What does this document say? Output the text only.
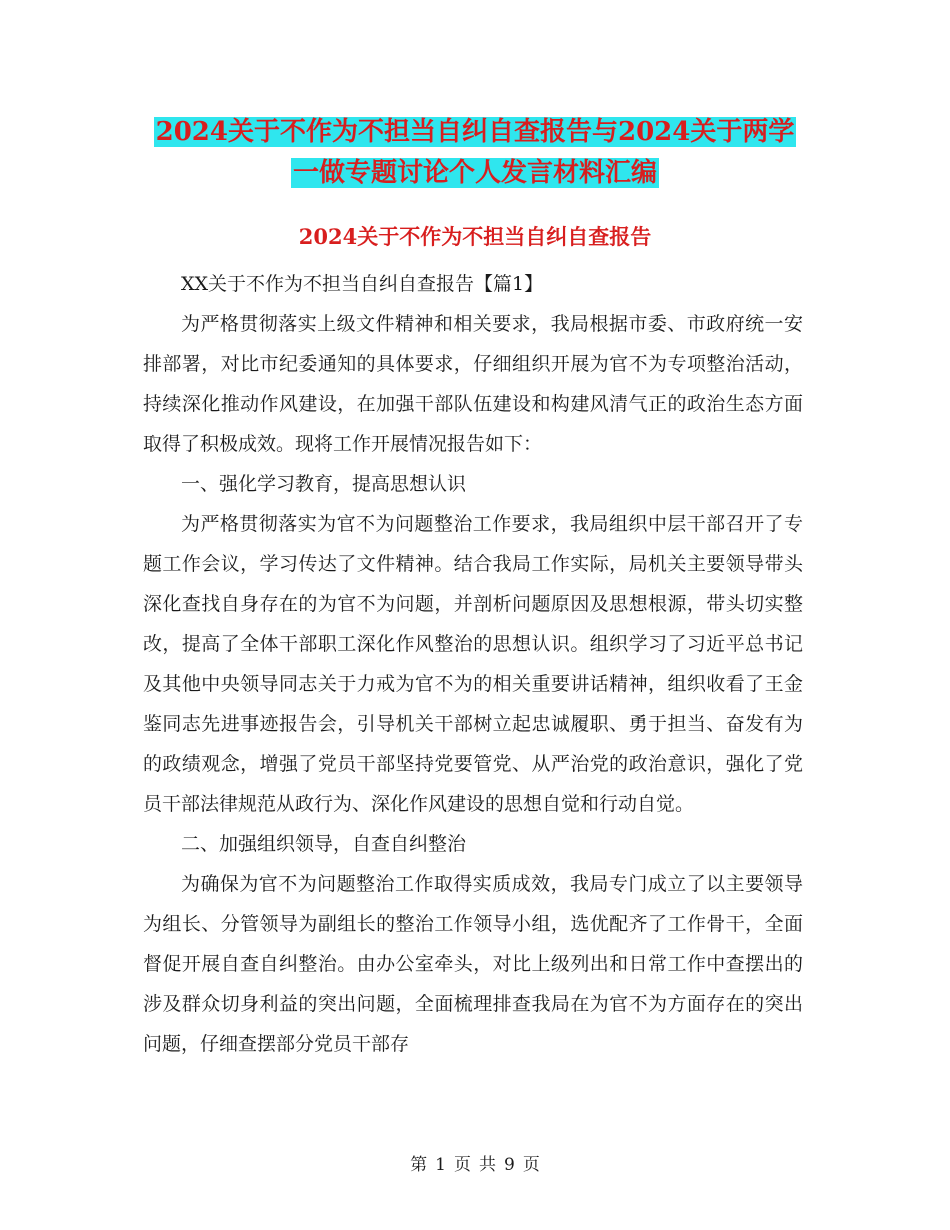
2024关于不作为不担当自纠自查报告与2024关于两学
一做专题讨论个人发言材料汇编
2024关于不作为不担当自纠自查报告

XX关于不作为不担当自纠自查报告【篇1】

为严格贯彻落实上级文件精神和相关要求，我局根据市委、市政府统一安排部署，对比市纪委通知的具体要求，仔细组织开展为官不为专项整治活动，持续深化推动作风建设，在加强干部队伍建设和构建风清气正的政治生态方面取得了积极成效。现将工作开展情况报告如下：

一、强化学习教育，提高思想认识

为严格贯彻落实为官不为问题整治工作要求，我局组织中层干部召开了专题工作会议，学习传达了文件精神。结合我局工作实际，局机关主要领导带头深化查找自身存在的为官不为问题，并剖析问题原因及思想根源，带头切实整改，提高了全体干部职工深化作风整治的思想认识。组织学习了习近平总书记及其他中央领导同志关于力戒为官不为的相关重要讲话精神，组织收看了王金鉴同志先进事迹报告会，引导机关干部树立起忠诚履职、勇于担当、奋发有为的政绩观念，增强了党员干部坚持党要管党、从严治党的政治意识，强化了党员干部法律规范从政行为、深化作风建设的思想自觉和行动自觉。

二、加强组织领导，自查自纠整治

为确保为官不为问题整治工作取得实质成效，我局专门成立了以主要领导为组长、分管领导为副组长的整治工作领导小组，选优配齐了工作骨干，全面督促开展自查自纠整治。由办公室牵头，对比上级列出和日常工作中查摆出的涉及群众切身利益的突出问题，全面梳理排查我局在为官不为方面存在的突出问题，仔细查摆部分党员干部存

第 1 页 共 9 页
